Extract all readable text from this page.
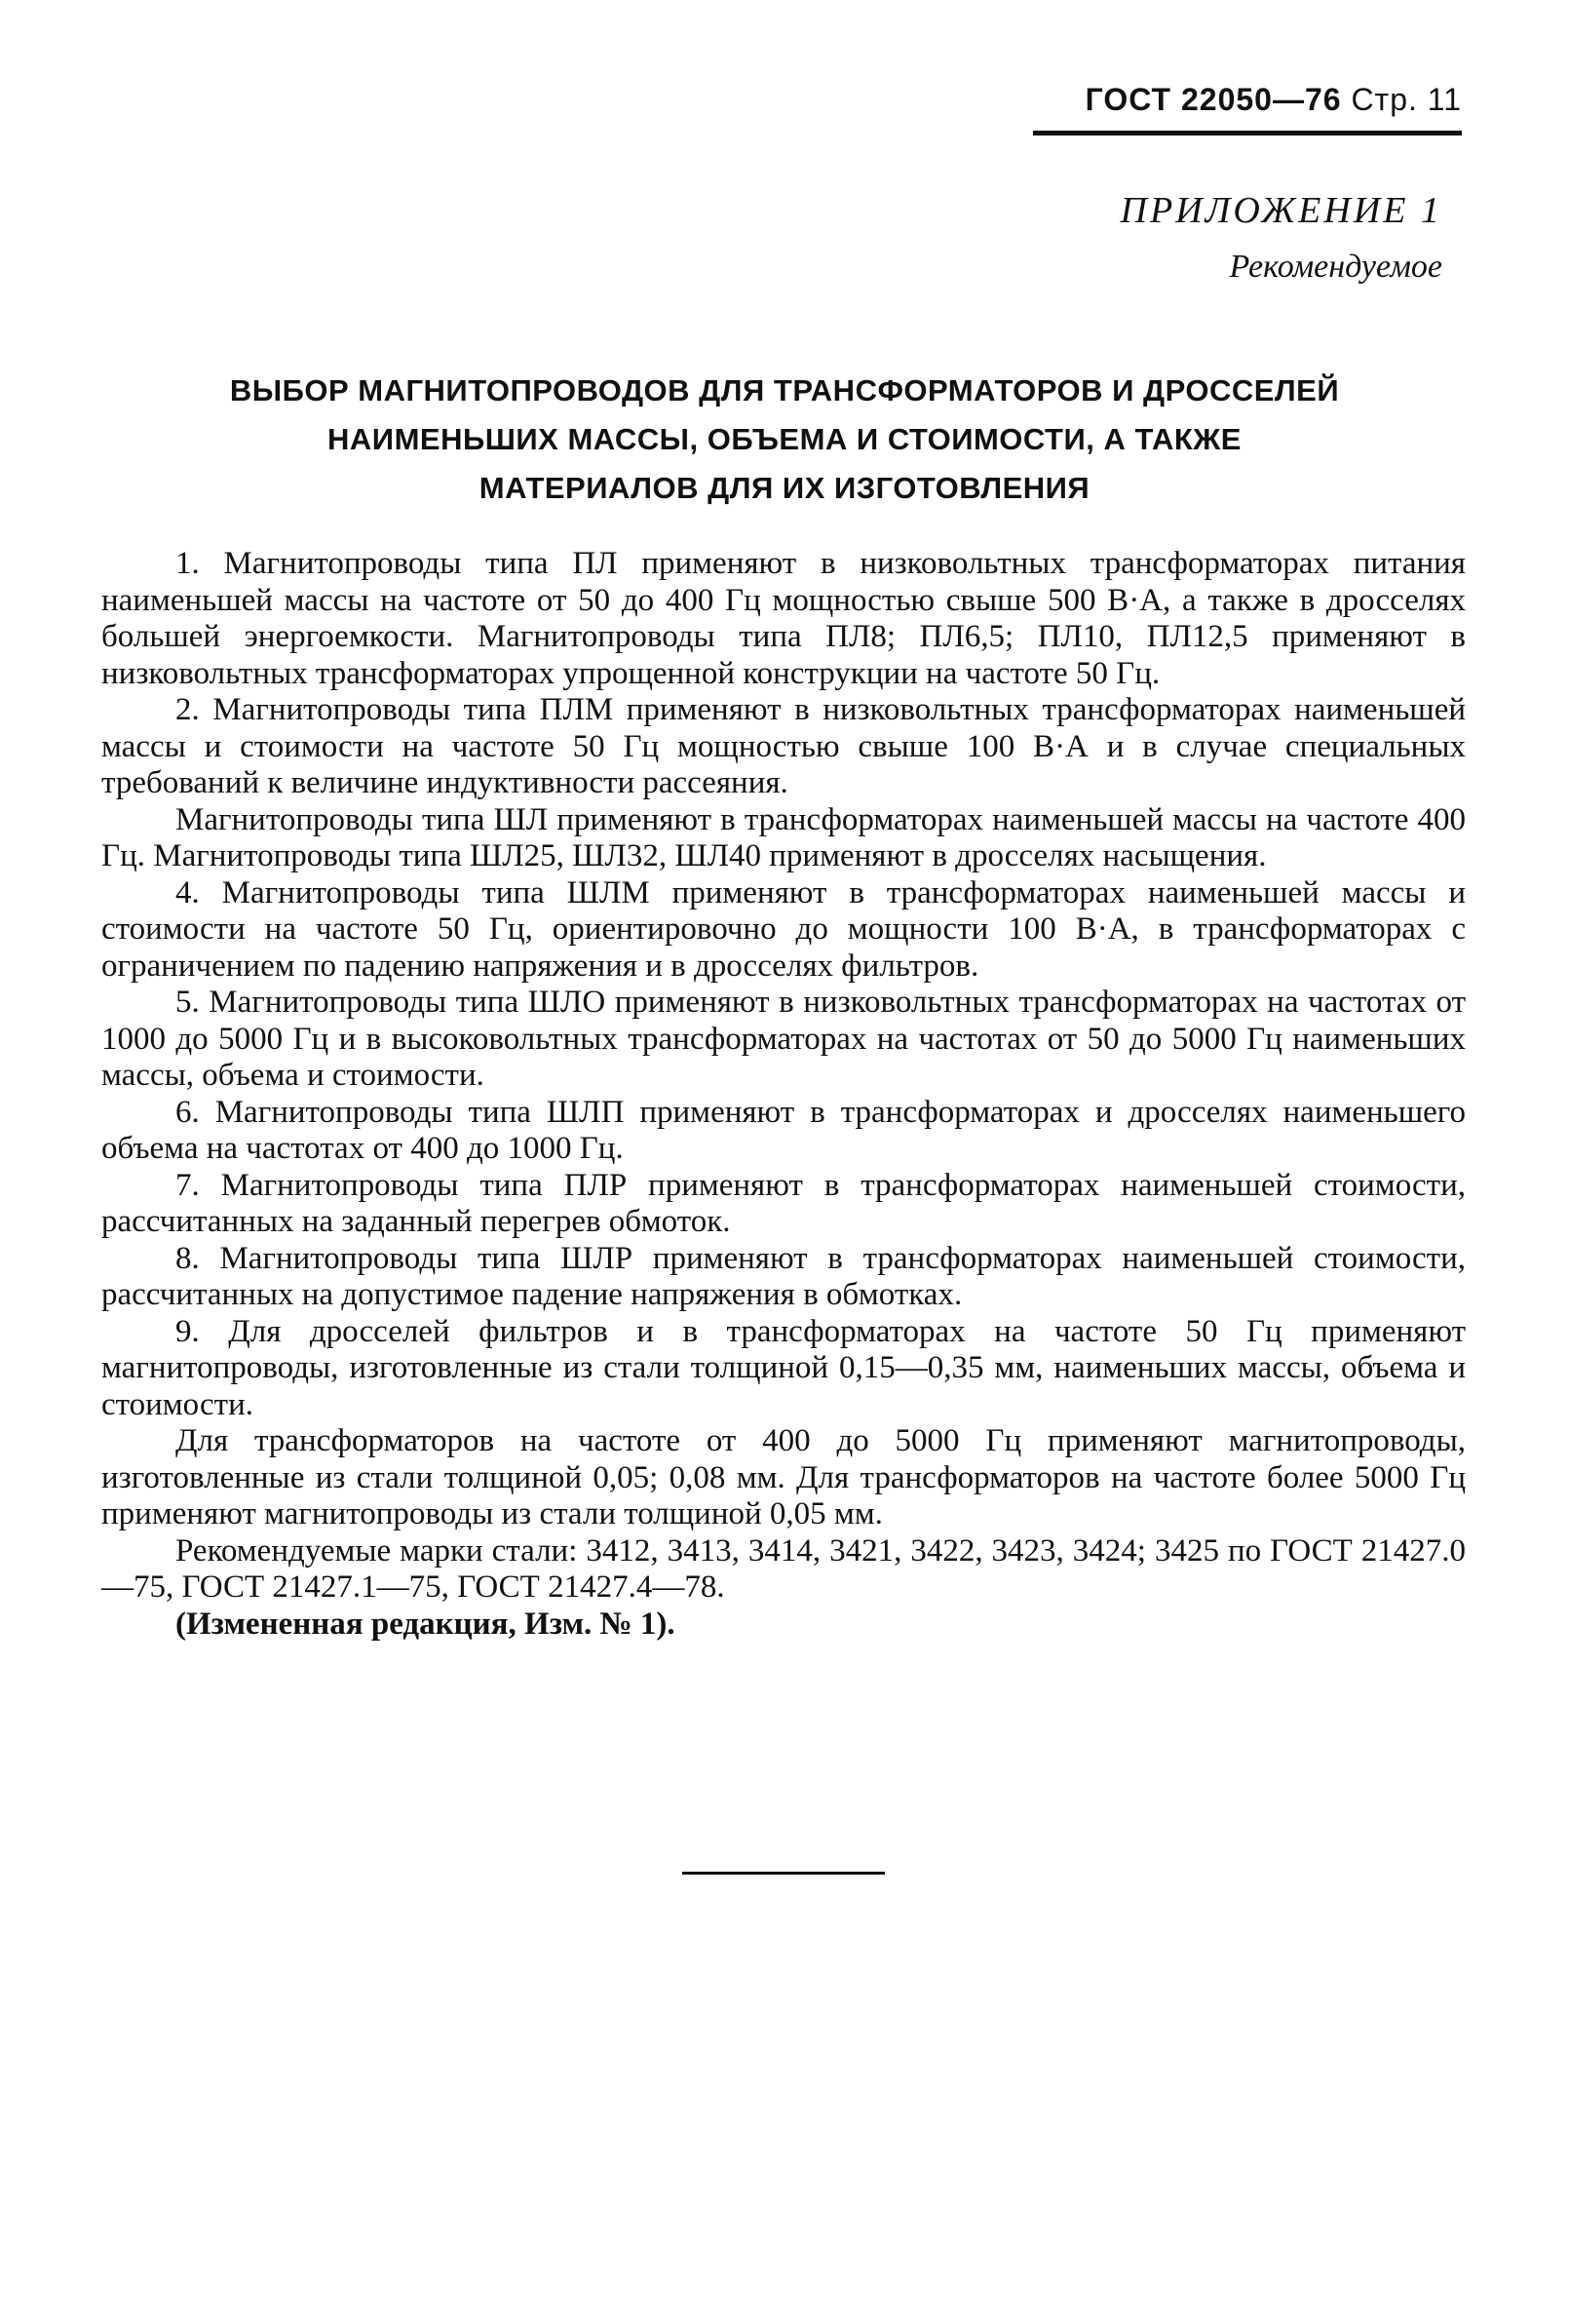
ГОСТ 22050—76 Стр. 11
ПРИЛОЖЕНИЕ 1
Рекомендуемое
ВЫБОР МАГНИТОПРОВОДОВ ДЛЯ ТРАНСФОРМАТОРОВ И ДРОССЕЛЕЙ
НАИМЕНЬШИХ МАССЫ, ОБЪЕМА И СТОИМОСТИ, А ТАКЖЕ
МАТЕРИАЛОВ ДЛЯ ИХ ИЗГОТОВЛЕНИЯ

1. Магнитопроводы типа ПЛ применяют в низковольтных трансформаторах питания наименьшей массы на частоте от 50 до 400 Гц мощностью свыше 500 В·А, а также в дросселях большей энергоемкости. Магнитопроводы типа ПЛ8; ПЛ6,5; ПЛ10, ПЛ12,5 применяют в низковольтных трансформаторах упрощенной конструкции на частоте 50 Гц.

2. Магнитопроводы типа ПЛМ применяют в низковольтных трансформаторах наименьшей массы и стоимости на частоте 50 Гц мощностью свыше 100 В·А и в случае специальных требований к величине индуктивности рассеяния.

Магнитопроводы типа ШЛ применяют в трансформаторах наименьшей массы на частоте 400 Гц. Магнитопроводы типа ШЛ25, ШЛ32, ШЛ40 применяют в дросселях насыщения.

4. Магнитопроводы типа ШЛМ применяют в трансформаторах наименьшей массы и стоимости на частоте 50 Гц, ориентировочно до мощности 100 В·А, в трансформаторах с ограничением по падению напряжения и в дросселях фильтров.

5. Магнитопроводы типа ШЛО применяют в низковольтных трансформаторах на частотах от 1000 до 5000 Гц и в высоковольтных трансформаторах на частотах от 50 до 5000 Гц наименьших массы, объема и стоимости.

6. Магнитопроводы типа ШЛП применяют в трансформаторах и дросселях наименьшего объема на частотах от 400 до 1000 Гц.

7. Магнитопроводы типа ПЛР применяют в трансформаторах наименьшей стоимости, рассчитанных на заданный перегрев обмоток.

8. Магнитопроводы типа ШЛР применяют в трансформаторах наименьшей стоимости, рассчитанных на допустимое падение напряжения в обмотках.

9. Для дросселей фильтров и в трансформаторах на частоте 50 Гц применяют магнитопроводы, изготовленные из стали толщиной 0,15—0,35 мм, наименьших массы, объема и стоимости.

Для трансформаторов на частоте от 400 до 5000 Гц применяют магнитопроводы, изготовленные из стали толщиной 0,05; 0,08 мм. Для трансформаторов на частоте более 5000 Гц применяют магнитопроводы из стали толщиной 0,05 мм.

Рекомендуемые марки стали: 3412, 3413, 3414, 3421, 3422, 3423, 3424; 3425 по ГОСТ 21427.0—75, ГОСТ 21427.1—75, ГОСТ 21427.4—78.

(Измененная редакция, Изм. № 1).
